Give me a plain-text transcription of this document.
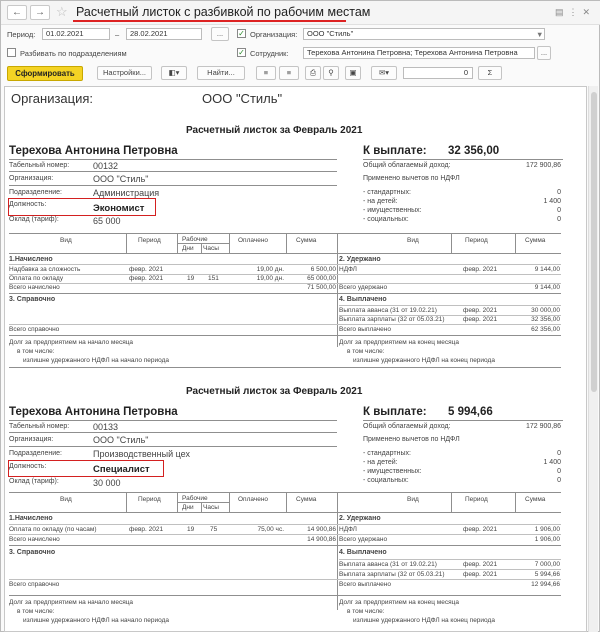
←	→ ☆ Расчетный листок с разбивкой по рабочим местам	▤⋮✕
Период:	01.02.2021	–	28.02.2021	...	✓ Организация:	ООО "Стиль"	▼
Разбивать по подразделениям	✓ Сотрудник:	Терехова Антонина Петровна; Терехова Антонина Петровна	...
Сформировать	Настройки...	◧▾	Найти...	≡	≡	⎙	⚲	▣	✉▾	0	Σ
Организация:	ООО "Стиль"
Расчетный листок за Февраль 2021
Терехова Антонина Петровна	К выплате: 32 356,00
Табельный номер:	00132
Организация:	ООО "Стиль"
Подразделение:	Администрация
Должность:	Экономист
Оклад (тариф):	65 000
Общий облагаемый доход:	172 900,86
Применено вычетов по НДФЛ
- стандартных:	0
- на детей:	1 400
- имущественных:	0
- социальных:	0
Вид	Период	Рабочие
Дни Часы
Оплачено	Сумма	Вид	Период	Сумма
1.Начислено	2. Удержано
Надбавка за сложность	февр. 2021	19,00 дн.	6 500,00 НДФЛ	февр. 2021	9 144,00
Оплата по окладу	февр. 2021	19 151	19,00 дн.	65 000,00
Всего начислено	71 500,00 Всего удержано	9 144,00
3. Справочно	4. Выплачено
Выплата аванса (31 от 19.02.21)	февр. 2021	30 000,00
Выплата зарплаты (32 от 05.03.21)	февр. 2021	32 356,00
Всего справочно	Всего выплачено	62 356,00
Долг за предприятием на начало месяца	Долг за предприятием на конец месяца
в том числе:	в том числе:
излишне удержанного НДФЛ на начало периода	излишне удержанного НДФЛ на конец периода
Расчетный листок за Февраль 2021
Терехова Антонина Петровна	К выплате: 5 994,66
Табельный номер:	00133
Организация:	ООО "Стиль"
Подразделение:	Производственный цех
Должность:	Специалист
Оклад (тариф):	30 000
Общий облагаемый доход:	172 900,86
Применено вычетов по НДФЛ
- стандартных:	0
- на детей:	1 400
- имущественных:	0
- социальных:	0
Вид	Период	Рабочие
Дни Часы
Оплачено	Сумма	Вид	Период	Сумма
1.Начислено	2. Удержано
Оплата по окладу (по часам)	февр. 2021	19 75	75,00 чс.	14 900,86 НДФЛ	февр. 2021	1 906,00
Всего начислено	14 900,86 Всего удержано	1 906,00
3. Справочно	4. Выплачено
Выплата аванса (31 от 19.02.21)	февр. 2021	7 000,00
Выплата зарплаты (32 от 05.03.21)	февр. 2021	5 994,66
Всего справочно	Всего выплачено	12 994,66
Долг за предприятием на начало месяца	Долг за предприятием на конец месяца
в том числе:	в том числе:
излишне удержанного НДФЛ на начало периода	излишне удержанного НДФЛ на конец периода
